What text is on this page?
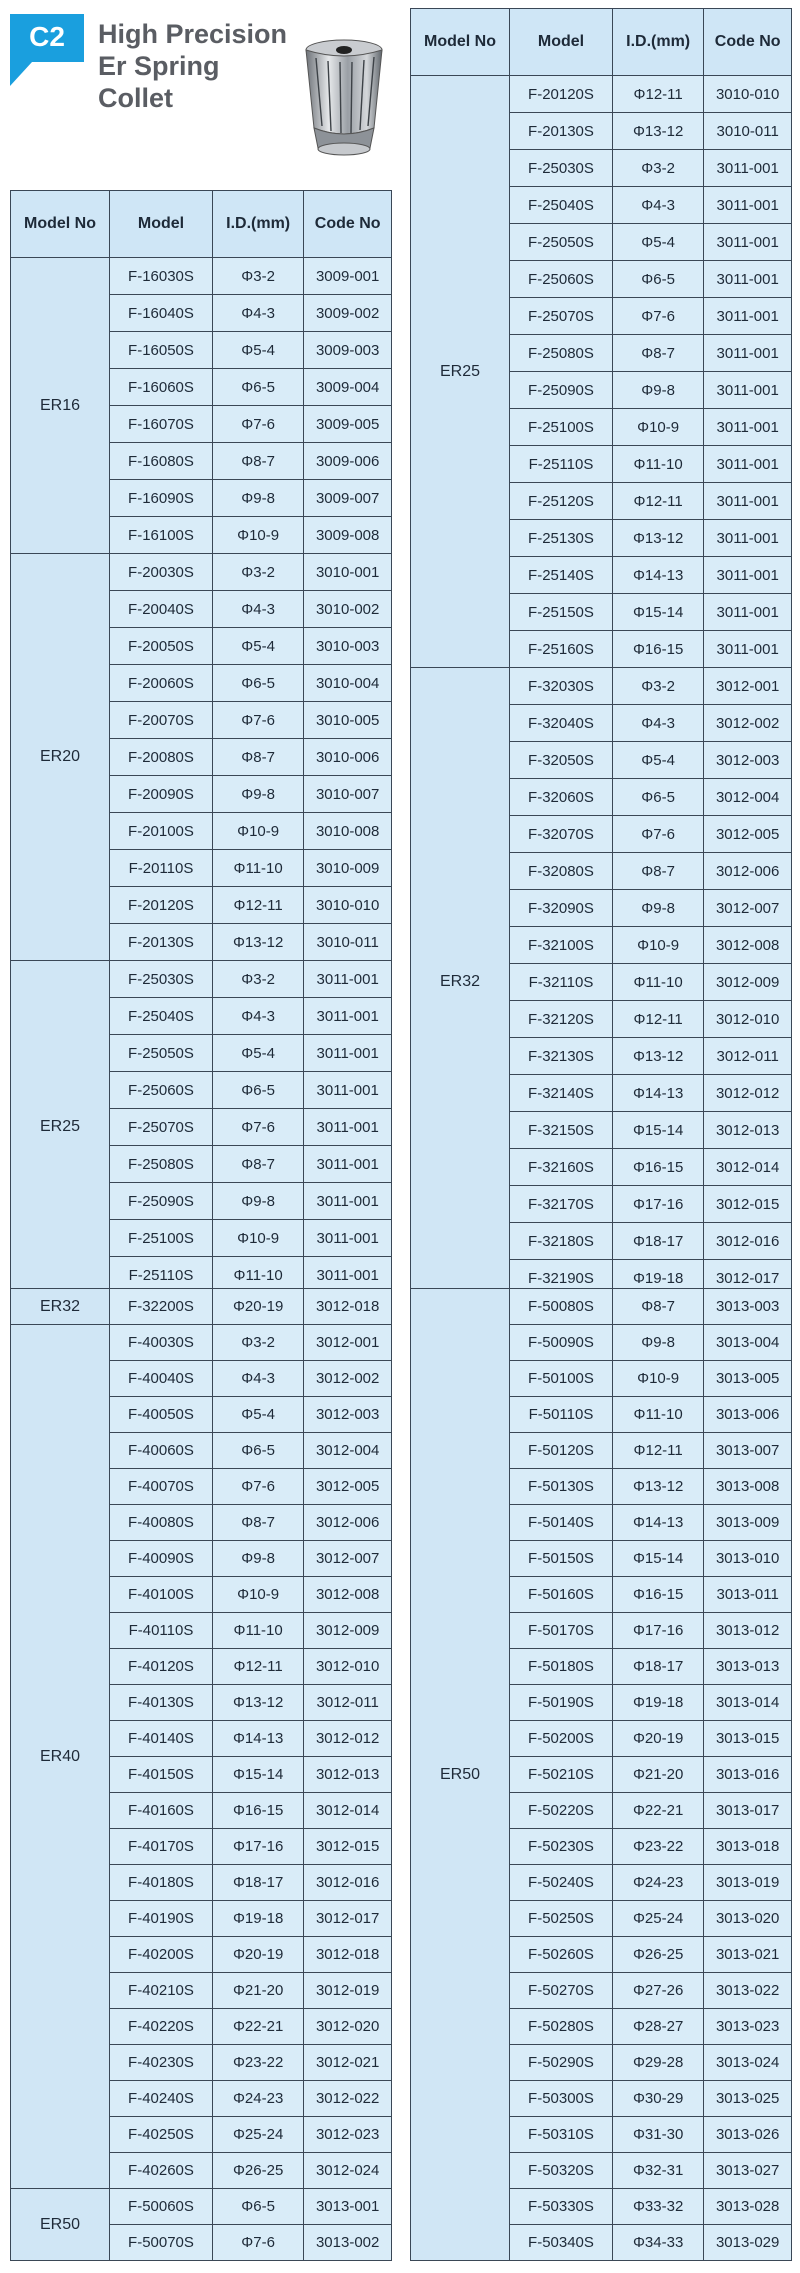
C2	High Precision
Er Spring
Collet
Model No	Model	I.D.(mm)	Code No
ER16	F-16030S	Φ3-2	3009-001
	F-16040S	Φ4-3	3009-002
	F-16050S	Φ5-4	3009-003
	F-16060S	Φ6-5	3009-004
	F-16070S	Φ7-6	3009-005
	F-16080S	Φ8-7	3009-006
	F-16090S	Φ9-8	3009-007
	F-16100S	Φ10-9	3009-008
ER20	F-20030S	Φ3-2	3010-001
	F-20040S	Φ4-3	3010-002
	F-20050S	Φ5-4	3010-003
	F-20060S	Φ6-5	3010-004
	F-20070S	Φ7-6	3010-005
	F-20080S	Φ8-7	3010-006
	F-20090S	Φ9-8	3010-007
	F-20100S	Φ10-9	3010-008
	F-20110S	Φ11-10	3010-009
	F-20120S	Φ12-11	3010-010
	F-20130S	Φ13-12	3010-011
ER25	F-25030S	Φ3-2	3011-001
	F-25040S	Φ4-3	3011-001
	F-25050S	Φ5-4	3011-001
	F-25060S	Φ6-5	3011-001
	F-25070S	Φ7-6	3011-001
	F-25080S	Φ8-7	3011-001
	F-25090S	Φ9-8	3011-001
	F-25100S	Φ10-9	3011-001
	F-25110S	Φ11-10	3011-001
Model No	Model	I.D.(mm)	Code No
ER25	F-20120S	Φ12-11	3010-010
	F-20130S	Φ13-12	3010-011
	F-25030S	Φ3-2	3011-001
	F-25040S	Φ4-3	3011-001
	F-25050S	Φ5-4	3011-001
	F-25060S	Φ6-5	3011-001
	F-25070S	Φ7-6	3011-001
	F-25080S	Φ8-7	3011-001
	F-25090S	Φ9-8	3011-001
	F-25100S	Φ10-9	3011-001
	F-25110S	Φ11-10	3011-001
	F-25120S	Φ12-11	3011-001
	F-25130S	Φ13-12	3011-001
	F-25140S	Φ14-13	3011-001
	F-25150S	Φ15-14	3011-001
	F-25160S	Φ16-15	3011-001
ER32	F-32030S	Φ3-2	3012-001
	F-32040S	Φ4-3	3012-002
	F-32050S	Φ5-4	3012-003
	F-32060S	Φ6-5	3012-004
	F-32070S	Φ7-6	3012-005
	F-32080S	Φ8-7	3012-006
	F-32090S	Φ9-8	3012-007
	F-32100S	Φ10-9	3012-008
	F-32110S	Φ11-10	3012-009
	F-32120S	Φ12-11	3012-010
	F-32130S	Φ13-12	3012-011
	F-32140S	Φ14-13	3012-012
	F-32150S	Φ15-14	3012-013
	F-32160S	Φ16-15	3012-014
	F-32170S	Φ17-16	3012-015
	F-32180S	Φ18-17	3012-016
	F-32190S	Φ19-18	3012-017
ER32	F-32200S	Φ20-19	3012-018
ER40	F-40030S	Φ3-2	3012-001
	F-40040S	Φ4-3	3012-002
	F-40050S	Φ5-4	3012-003
	F-40060S	Φ6-5	3012-004
	F-40070S	Φ7-6	3012-005
	F-40080S	Φ8-7	3012-006
	F-40090S	Φ9-8	3012-007
	F-40100S	Φ10-9	3012-008
	F-40110S	Φ11-10	3012-009
	F-40120S	Φ12-11	3012-010
	F-40130S	Φ13-12	3012-011
	F-40140S	Φ14-13	3012-012
	F-40150S	Φ15-14	3012-013
	F-40160S	Φ16-15	3012-014
	F-40170S	Φ17-16	3012-015
	F-40180S	Φ18-17	3012-016
	F-40190S	Φ19-18	3012-017
	F-40200S	Φ20-19	3012-018
	F-40210S	Φ21-20	3012-019
	F-40220S	Φ22-21	3012-020
	F-40230S	Φ23-22	3012-021
	F-40240S	Φ24-23	3012-022
	F-40250S	Φ25-24	3012-023
	F-40260S	Φ26-25	3012-024
ER50	F-50060S	Φ6-5	3013-001
	F-50070S	Φ7-6	3013-002
ER50	F-50080S	Φ8-7	3013-003
	F-50090S	Φ9-8	3013-004
	F-50100S	Φ10-9	3013-005
	F-50110S	Φ11-10	3013-006
	F-50120S	Φ12-11	3013-007
	F-50130S	Φ13-12	3013-008
	F-50140S	Φ14-13	3013-009
	F-50150S	Φ15-14	3013-010
	F-50160S	Φ16-15	3013-011
	F-50170S	Φ17-16	3013-012
	F-50180S	Φ18-17	3013-013
	F-50190S	Φ19-18	3013-014
	F-50200S	Φ20-19	3013-015
	F-50210S	Φ21-20	3013-016
	F-50220S	Φ22-21	3013-017
	F-50230S	Φ23-22	3013-018
	F-50240S	Φ24-23	3013-019
	F-50250S	Φ25-24	3013-020
	F-50260S	Φ26-25	3013-021
	F-50270S	Φ27-26	3013-022
	F-50280S	Φ28-27	3013-023
	F-50290S	Φ29-28	3013-024
	F-50300S	Φ30-29	3013-025
	F-50310S	Φ31-30	3013-026
	F-50320S	Φ32-31	3013-027
	F-50330S	Φ33-32	3013-028
	F-50340S	Φ34-33	3013-029
